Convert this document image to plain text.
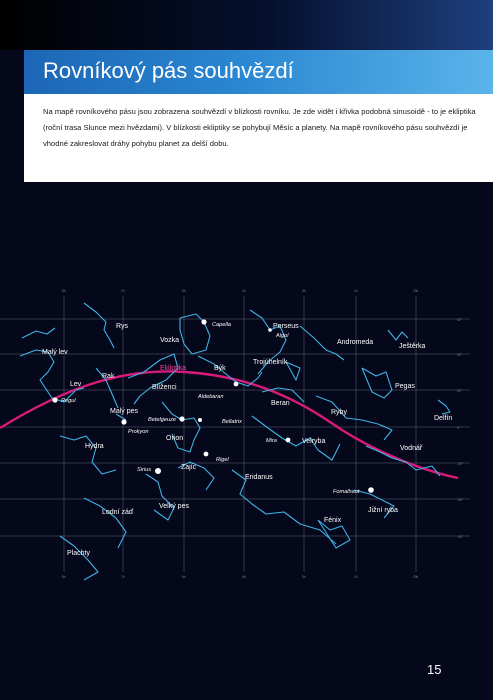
Rovníkový pás souhvězdí

Na mapě rovníkového pásu jsou zobrazena souhvězdí v blízkosti rovníku. Je zde vidět i křivka podobná sinusoidě - to je ekliptika (roční trasa Slunce mezi hvězdami). V blízkosti ekliptiky se pohybují Měsíc a planety. Na mapě rovníkového pásu souhvězdí je vhodné zakreslovat dráhy pohybu planet za delší dobu.

8h	7h	6h	4h	3h	1h	23h
8h	7h	6h	4h	3h	1h	23h
40°
30°
20°
0°
-20°
-30°
-40°
Ekliptika
Rys
Malý lev
Vozka
Perseus
Andromeda
Ještěrka
Trojúhelník
Býk
Rak
Lev	Blíženci	Pegas
Beran
Malý pes	Ryby
Delfín
Orion	Velryba
Hydra	Vodnář
Zajíc
Eridanus
Velký pes
Jižní ryba
Lodní záď
Fénix
Plachty
Capella
Algol
Regul
Aldebaran
Betelgeuze	Bellatrix
Prokyon
Mira
Rigel
Sirius
Fomalhaut
15
